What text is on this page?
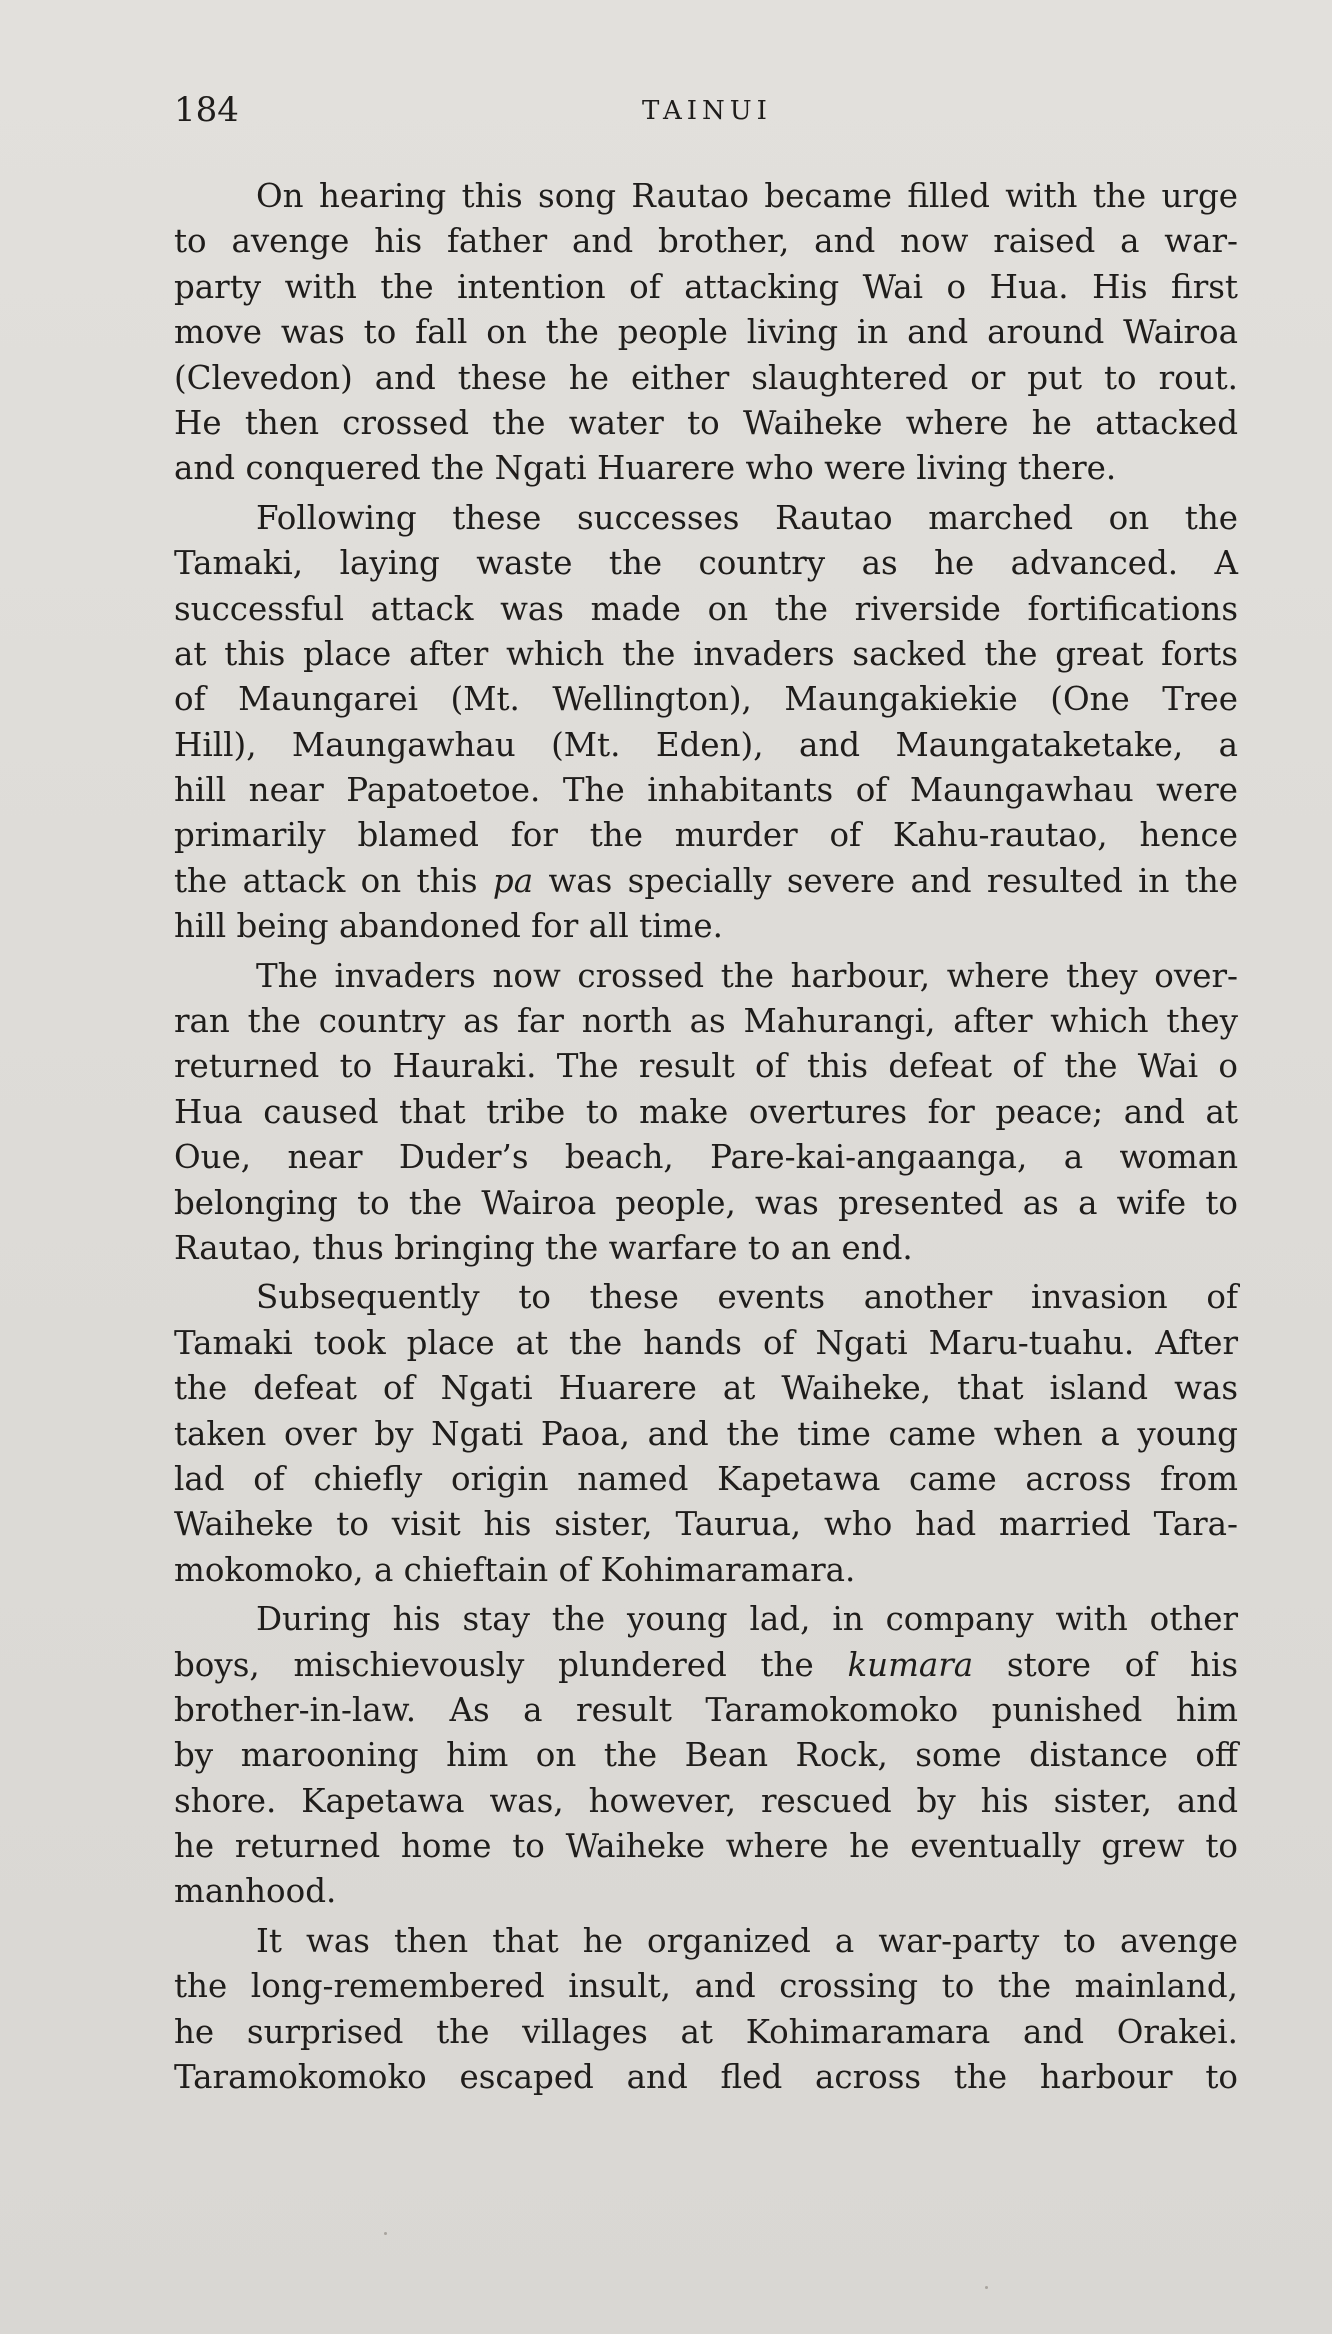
184	TAINUI
On hearing this song Rautao became filled with the urge
to avenge his father and brother, and now raised a war-
party with the intention of attacking Wai o Hua. His first
move was to fall on the people living in and around Wairoa
(Clevedon) and these he either slaughtered or put to rout.
He then crossed the water to Waiheke where he attacked
and conquered the Ngati Huarere who were living there.
Following these successes Rautao marched on the
Tamaki, laying waste the country as he advanced. A
successful attack was made on the riverside fortifications
at this place after which the invaders sacked the great forts
of Maungarei (Mt. Wellington), Maungakiekie (One Tree
Hill), Maungawhau (Mt. Eden), and Maungataketake, a
hill near Papatoetoe. The inhabitants of Maungawhau were
primarily blamed for the murder of Kahu-rautao, hence
the attack on this pa was specially severe and resulted in the
hill being abandoned for all time.
The invaders now crossed the harbour, where they over-
ran the country as far north as Mahurangi, after which they
returned to Hauraki. The result of this defeat of the Wai o
Hua caused that tribe to make overtures for peace; and at
Oue, near Duder’s beach, Pare-kai-angaanga, a woman
belonging to the Wairoa people, was presented as a wife to
Rautao, thus bringing the warfare to an end.
Subsequently to these events another invasion of
Tamaki took place at the hands of Ngati Maru-tuahu. After
the defeat of Ngati Huarere at Waiheke, that island was
taken over by Ngati Paoa, and the time came when a young
lad of chiefly origin named Kapetawa came across from
Waiheke to visit his sister, Taurua, who had married Tara-
mokomoko, a chieftain of Kohimaramara.
During his stay the young lad, in company with other
boys, mischievously plundered the kumara store of his
brother-in-law. As a result Taramokomoko punished him
by marooning him on the Bean Rock, some distance off
shore. Kapetawa was, however, rescued by his sister, and
he returned home to Waiheke where he eventually grew to
manhood.
It was then that he organized a war-party to avenge
the long-remembered insult, and crossing to the mainland,
he surprised the villages at Kohimaramara and Orakei.
Taramokomoko escaped and fled across the harbour to
